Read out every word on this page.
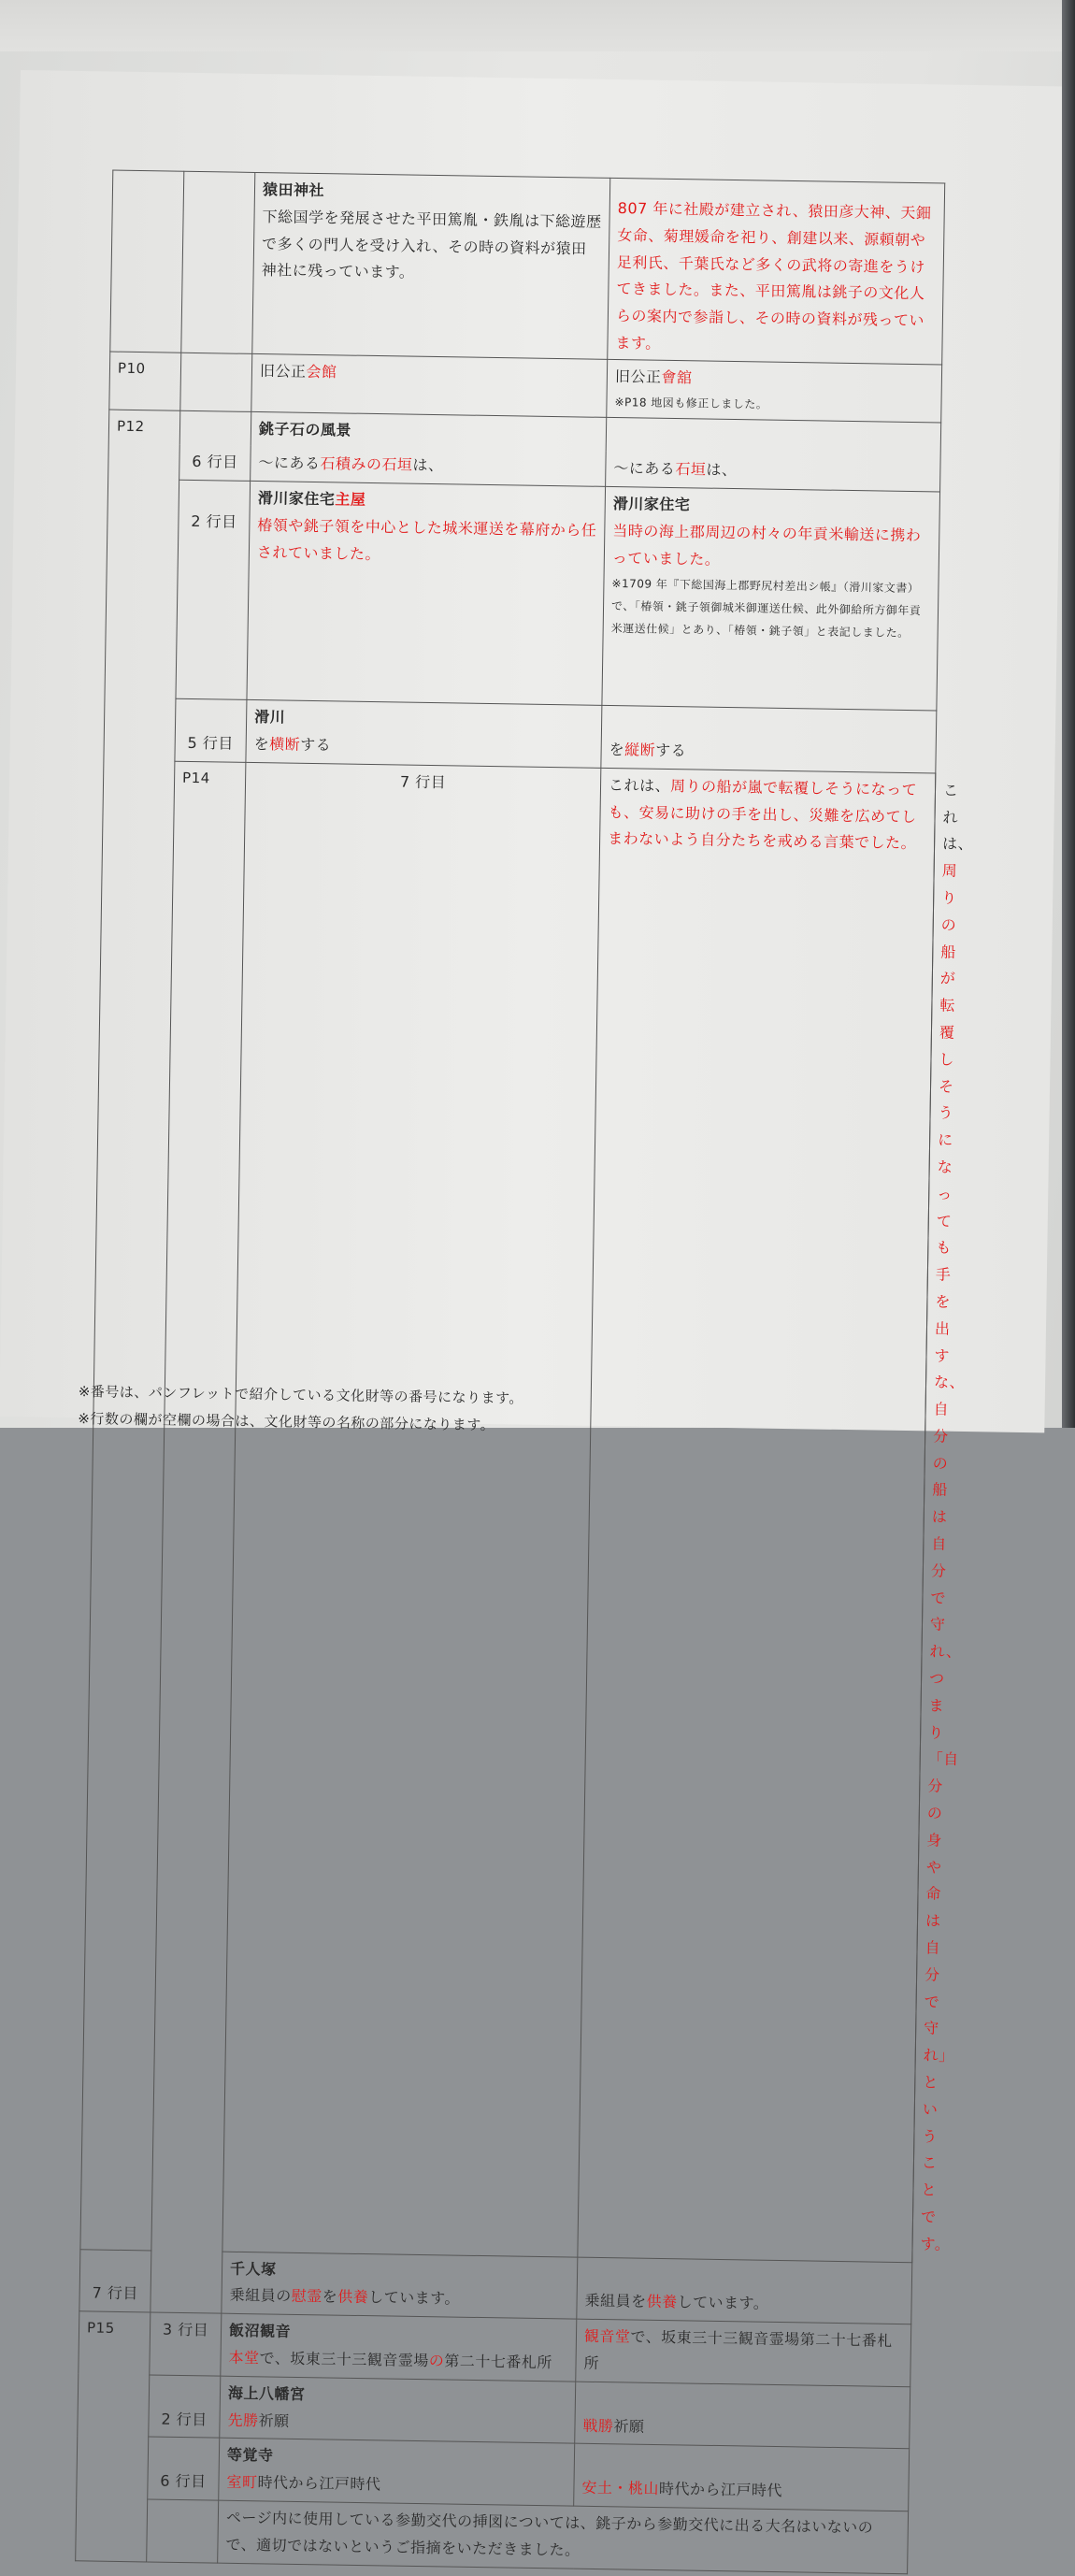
		猿田神社
下総国学を発展させた平田篤胤・鉄胤は下総遊歴で多くの門人を受け入れ、その時の資料が猿田神社に残っています。	807 年に社殿が建立され、猿田彦大神、天鈿女命、菊理媛命を祀り、創建以来、源頼朝や足利氏、千葉氏など多くの武将の寄進をうけてきました。また、平田篤胤は銚子の文化人らの案内で参詣し、その時の資料が残っています。	
P10		旧公正会館	旧公正會舘
※P18 地図も修正しました。	

P12		銚子石の風景		

	6 行目	～にある石積みの石垣は、	～にある石垣は、	
	2 行目	滑川家住宅主屋
椿領や銚子領を中心とした城米運送を幕府から任されていました。	滑川家住宅
当時の海上郡周辺の村々の年貢米輸送に携わっていました。
※1709 年『下総国海上郡野尻村差出シ帳』（滑川家文書）で、「椿領・銚子領御城米御運送仕候、此外御給所方御年貢米運送仕候」とあり、「椿領・銚子領」と表記しました。	

	5 行目	滑川
を横断する	を縦断する	
	P14	7 行目	これは、周りの船が嵐で転覆しそうになっても、安易に助けの手を出し、災難を広めてしまわないよう自分たちを戒める言葉でした。	これは、周りの船が転覆しそうになっても手を出すな、自分の船は自分で守れ、つまり「自分の身や命は自分で守れ」ということです。
7 行目		千人塚
乗組員の慰霊を供養しています。	乗組員を供養しています。	
P15	3 行目	飯沼観音
本堂で、坂東三十三観音霊場の第二十七番札所	観音堂で、坂東三十三観音霊場第二十七番札所	
	2 行目	海上八幡宮
先勝祈願	戦勝祈願	
	6 行目	等覚寺
室町時代から江戸時代	安土・桃山時代から江戸時代	
		ページ内に使用している参勤交代の挿図については、銚子から参勤交代に出る大名はいないので、適切ではないというご指摘をいただきました。		
※番号は、パンフレットで紹介している文化財等の番号になります。
※行数の欄が空欄の場合は、文化財等の名称の部分になります。
